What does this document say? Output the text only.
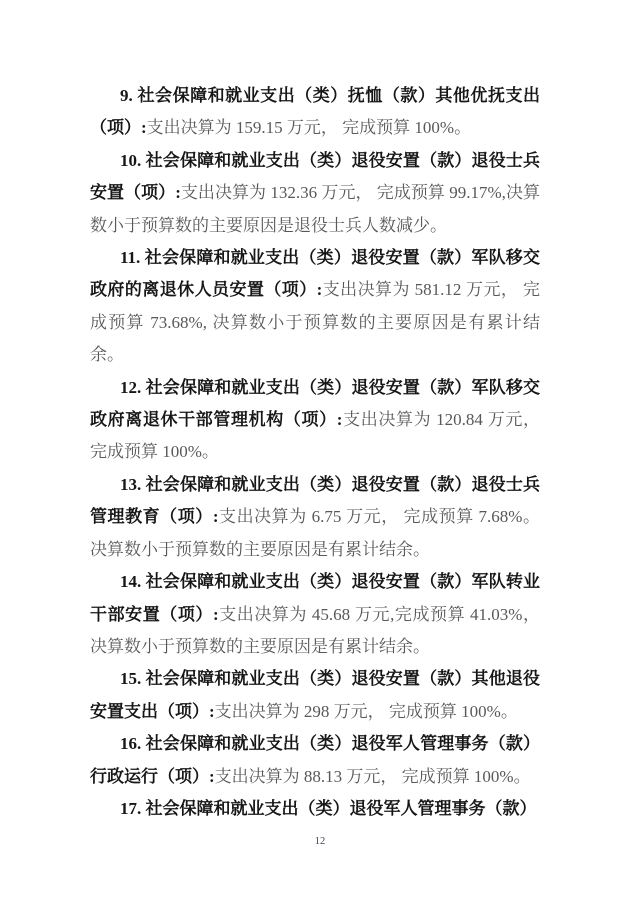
9. 社会保障和就业支出（类）抚恤（款）其他优抚支出（项）:支出决算为 159.15 万元， 完成预算 100%。

10. 社会保障和就业支出（类）退役安置（款）退役士兵安置（项）:支出决算为 132.36 万元， 完成预算 99.17%,决算数小于预算数的主要原因是退役士兵人数减少。

11. 社会保障和就业支出（类）退役安置（款）军队移交政府的离退休人员安置（项）:支出决算为 581.12 万元， 完成预算 73.68%, 决算数小于预算数的主要原因是有累计结余。

12. 社会保障和就业支出（类）退役安置（款）军队移交政府离退休干部管理机构（项）:支出决算为 120.84 万元，完成预算 100%。

13. 社会保障和就业支出（类）退役安置（款）退役士兵管理教育（项）:支出决算为 6.75 万元， 完成预算 7.68%。决算数小于预算数的主要原因是有累计结余。

14. 社会保障和就业支出（类）退役安置（款）军队转业干部安置（项）:支出决算为 45.68 万元,完成预算 41.03%，决算数小于预算数的主要原因是有累计结余。

15. 社会保障和就业支出（类）退役安置（款）其他退役安置支出（项）:支出决算为 298 万元， 完成预算 100%。

16. 社会保障和就业支出（类）退役军人管理事务（款）行政运行（项）:支出决算为 88.13 万元， 完成预算 100%。

17. 社会保障和就业支出（类）退役军人管理事务（款）

12
